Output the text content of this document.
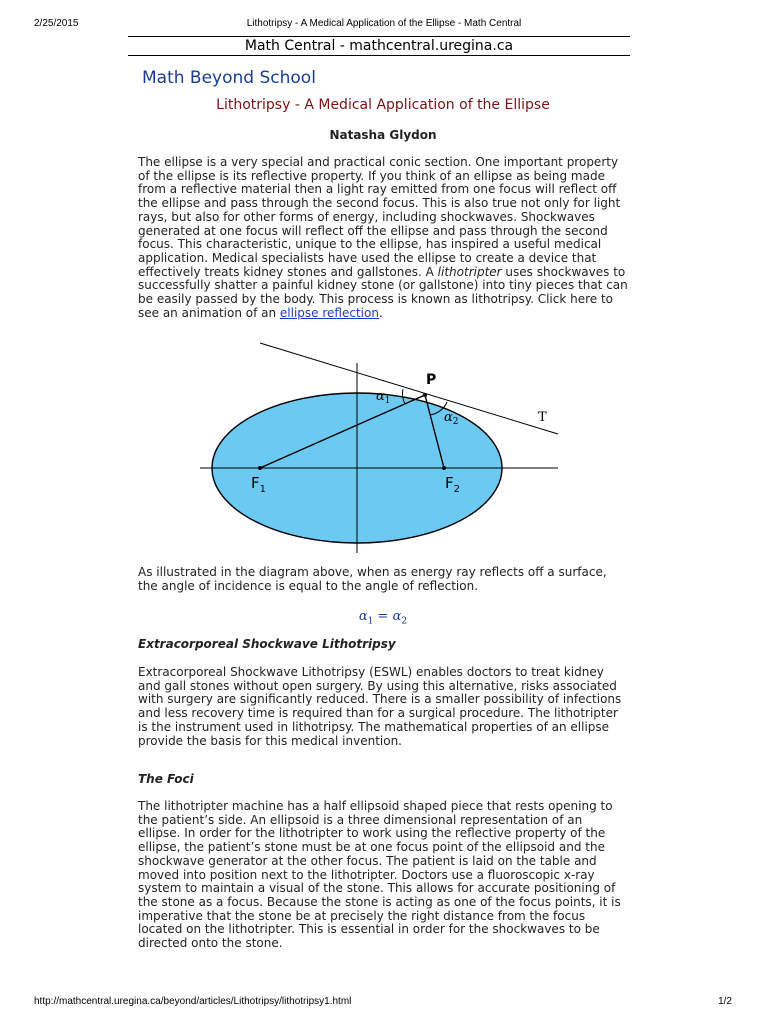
2/25/2015	Lithotripsy - A Medical Application of the Ellipse - Math Central
Math Central - mathcentral.uregina.ca
Math Beyond School
Lithotripsy - A Medical Application of the Ellipse
Natasha Glydon

The ellipse is a very special and practical conic section. One important property of the ellipse is its reflective property. If you think of an ellipse as being made from a reflective material then a light ray emitted from one focus will reflect off the ellipse and pass through the second focus. This is also true not only for light rays, but also for other forms of energy, including shockwaves. Shockwaves generated at one focus will reflect off the ellipse and pass through the second focus. This characteristic, unique to the ellipse, has inspired a useful medical application. Medical specialists have used the ellipse to create a device that effectively treats kidney stones and gallstones. A lithotripter uses shockwaves to successfully shatter a painful kidney stone (or gallstone) into tiny pieces that can be easily passed by the body. This process is known as lithotripsy. Click here to see an animation of an ellipse reflection.

P
$\alpha_1$
$\alpha_2$	T
$F_1$	$F_2$

As illustrated in the diagram above, when as energy ray reflects off a surface, the angle of incidence is equal to the angle of reflection.

$\alpha_1 = \alpha_2$
Extracorporeal Shockwave Lithotripsy

Extracorporeal Shockwave Lithotripsy (ESWL) enables doctors to treat kidney and gall stones without open surgery. By using this alternative, risks associated with surgery are significantly reduced. There is a smaller possibility of infections and less recovery time is required than for a surgical procedure. The lithotripter is the instrument used in lithotripsy. The mathematical properties of an ellipse provide the basis for this medical invention.

The Foci

The lithotripter machine has a half ellipsoid shaped piece that rests opening to the patient’s side. An ellipsoid is a three dimensional representation of an ellipse. In order for the lithotripter to work using the reflective property of the ellipse, the patient’s stone must be at one focus point of the ellipsoid and the shockwave generator at the other focus. The patient is laid on the table and moved into position next to the lithotripter. Doctors use a fluoroscopic x-ray system to maintain a visual of the stone. This allows for accurate positioning of the stone as a focus. Because the stone is acting as one of the focus points, it is imperative that the stone be at precisely the right distance from the focus located on the lithotripter. This is essential in order for the shockwaves to be directed onto the stone.

http://mathcentral.uregina.ca/beyond/articles/Lithotripsy/lithotripsy1.html	1/2
